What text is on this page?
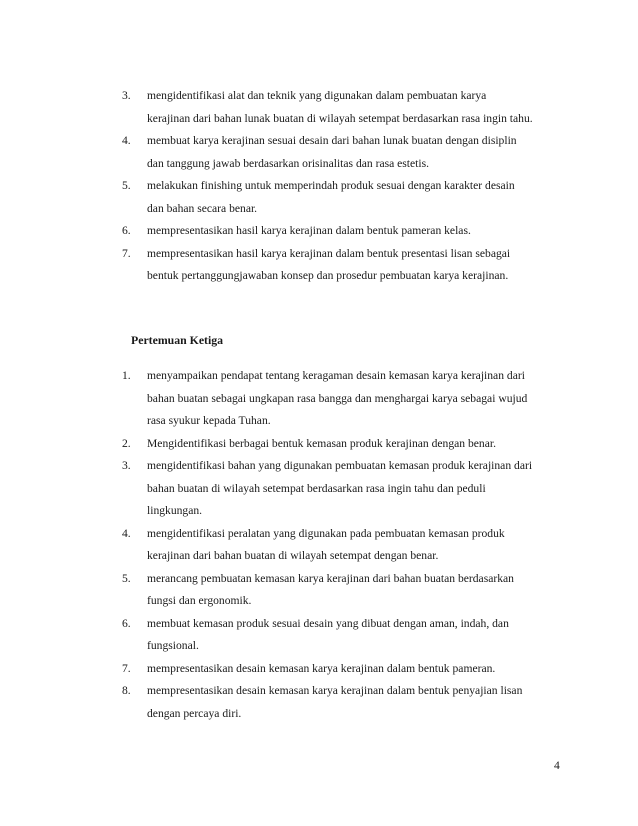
3. mengidentifikasi alat dan teknik yang digunakan dalam pembuatan karya
kerajinan dari bahan lunak buatan di wilayah setempat berdasarkan rasa ingin tahu.
4. membuat karya kerajinan sesuai desain dari bahan lunak buatan dengan disiplin
dan tanggung jawab berdasarkan orisinalitas dan rasa estetis.
5. melakukan finishing untuk memperindah produk sesuai dengan karakter desain
dan bahan secara benar.
6. mempresentasikan hasil karya kerajinan dalam bentuk pameran kelas.
7. mempresentasikan hasil karya kerajinan dalam bentuk presentasi lisan sebagai
bentuk pertanggungjawaban konsep dan prosedur pembuatan karya kerajinan.
Pertemuan Ketiga
1. menyampaikan pendapat tentang keragaman desain kemasan karya kerajinan dari
bahan buatan sebagai ungkapan rasa bangga dan menghargai karya sebagai wujud
rasa syukur kepada Tuhan.
2. Mengidentifikasi berbagai bentuk kemasan produk kerajinan dengan benar.
3. mengidentifikasi bahan yang digunakan pembuatan kemasan produk kerajinan dari
bahan buatan di wilayah setempat berdasarkan rasa ingin tahu dan peduli
lingkungan.
4. mengidentifikasi peralatan yang digunakan pada pembuatan kemasan produk
kerajinan dari bahan buatan di wilayah setempat dengan benar.
5. merancang pembuatan kemasan karya kerajinan dari bahan buatan berdasarkan
fungsi dan ergonomik.
6. membuat kemasan produk sesuai desain yang dibuat dengan aman, indah, dan
fungsional.
7. mempresentasikan desain kemasan karya kerajinan dalam bentuk pameran.
8. mempresentasikan desain kemasan karya kerajinan dalam bentuk penyajian lisan
dengan percaya diri.
4
